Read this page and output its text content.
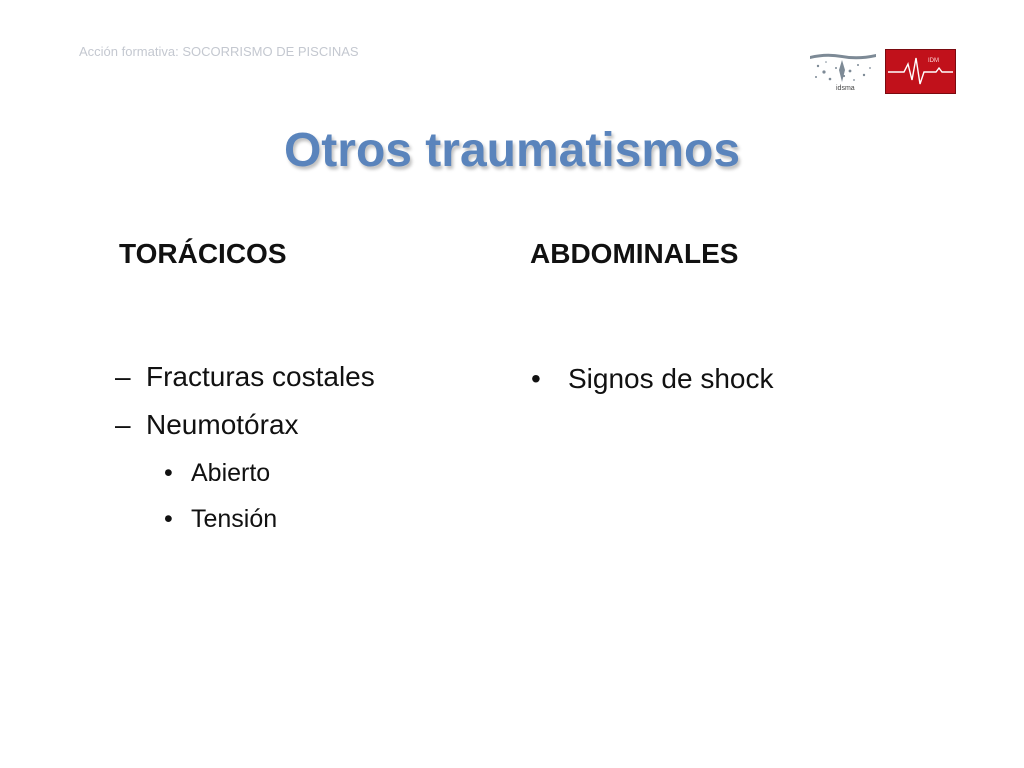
Acción formativa: SOCORRISMO DE PISCINAS
idsma
IDM
Otros traumatismos
TORÁCICOS	ABDOMINALES
– Fracturas costales
– Neumotórax
• Abierto
• Tensión
• Signos de shock
